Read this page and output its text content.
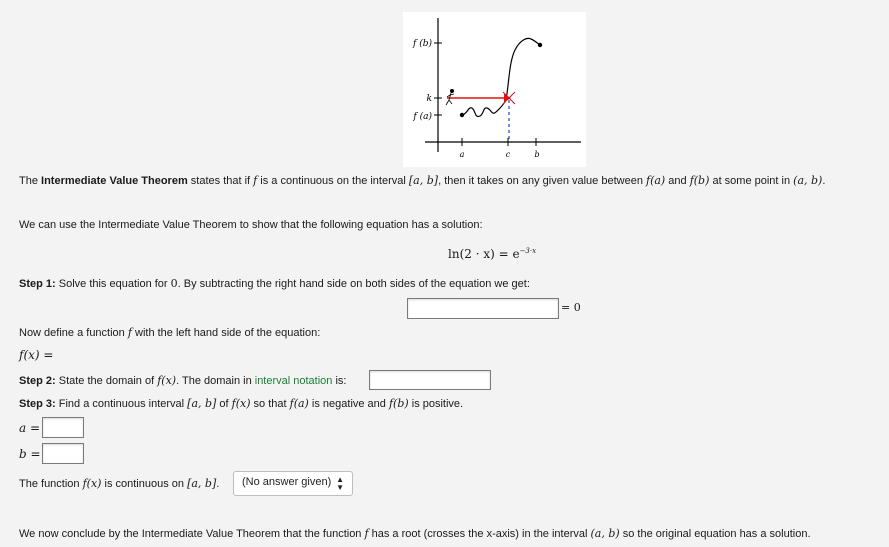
f (b)
k
f (a)
a	c	b
The Intermediate Value Theorem states that if f is a continuous on the interval [a, b], then it takes on any given value between f(a) and f(b) at some point in (a, b).
We can use the Intermediate Value Theorem to show that the following equation has a solution:
$\ln(2 \cdot x) = e^{-3\cdot x}$
Step 1: Solve this equation for 0. By subtracting the right hand side on both sides of the equation we get:
= 0
Now define a function f with the left hand side of the equation:
f(x) =
Step 2: State the domain of f(x). The domain in interval notation is:
Step 3: Find a continuous interval [a, b] of f(x) so that f(a) is negative and f(b) is positive.
a =
b =
The function f(x) is continuous on [a, b].	(No answer given) ▲
▼
We now conclude by the Intermediate Value Theorem that the function f has a root (crosses the x-axis) in the interval (a, b) so the original equation has a solution.
